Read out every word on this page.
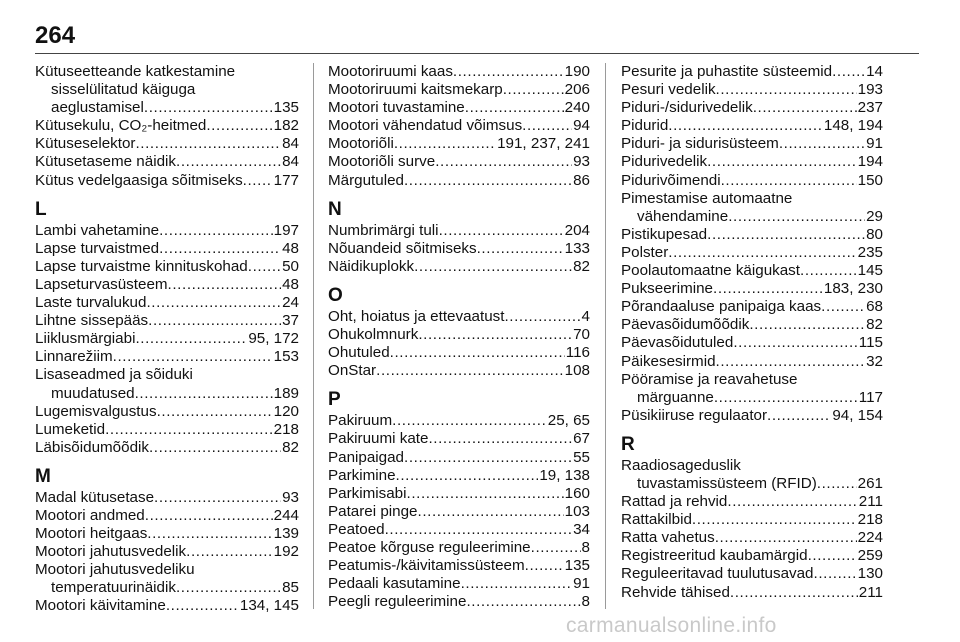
264
Kütuseetteande katkestamine
sisselülitatud käiguga
aeglustamisel .....	135
Kütusekulu, CO₂-heitmed .....	182
Kütuseselektor .....	84
Kütusetaseme näidik .....	84
Kütus vedelgaasiga sõitmiseks ..... 177
L
Lambi vahetamine .....	197
Lapse turvaistmed .....	48
Lapse turvaistme kinnituskohad ..... 50
Lapseturvasüsteem .....	48
Laste turvalukud .....	24
Lihtne sissepääs .....	37
Liiklusmärgiabi .....	95, 172
Linnarežiim .....	153
Lisaseadmed ja sõiduki
muudatused .....	189
Lugemisvalgustus .....	120
Lumeketid .....	218
Läbisõidumõõdik .....	82
M
Madal kütusetase .....	93
Mootori andmed .....	244
Mootori heitgaas .....	139
Mootori jahutusvedelik .....	192
Mootori jahutusvedeliku
temperatuurinäidik .....	85
Mootori käivitamine .....	134, 145
Mootoriruumi kaas .....	190
Mootoriruumi kaitsmekarp .....	206
Mootori tuvastamine .....	240
Mootori vähendatud võimsus .....	94
Mootoriõli .....	191, 237, 241
Mootoriõli surve .....	93
Märgutuled .....	86
N
Numbrimärgi tuli .....	204
Nõuandeid sõitmiseks .....	133
Näidikuplokk .....	82
O
Oht, hoiatus ja ettevaatust .....	4
Ohukolmnurk .....	70
Ohutuled .....	116
OnStar .....	108
P
Pakiruum .....	25, 65
Pakiruumi kate .....	67
Panipaigad .....	55
Parkimine .....	19, 138
Parkimisabi .....	160
Patarei pinge .....	103
Peatoed .....	34
Peatoe kõrguse reguleerimine .....	8
Peatumis-/käivitamissüsteem .....	135
Pedaali kasutamine .....	91
Peegli reguleerimine .....	8
Pesurite ja puhastite süsteemid ..... 14
Pesuri vedelik .....	193
Piduri-/sidurivedelik .....	237
Pidurid .....	148, 194
Piduri- ja sidurisüsteem .....	91
Pidurivedelik .....	194
Pidurivõimendi .....	150
Pimestamise automaatne
vähendamine .....	29
Pistikupesad .....	80
Polster .....	235
Poolautomaatne käigukast .....	145
Pukseerimine .....	183, 230
Põrandaaluse panipaiga kaas .....	68
Päevasõidumõõdik .....	82
Päevasõidutuled .....	115
Päikesesirmid .....	32
Pööramise ja reavahetuse
märguanne .....	117
Püsikiiruse regulaator .....	94, 154
R
Raadiosageduslik
tuvastamissüsteem (RFID) .....	261
Rattad ja rehvid .....	211
Rattakilbid .....	218
Ratta vahetus .....	224
Registreeritud kaubamärgid .....	259
Reguleeritavad tuulutusavad .....	130
Rehvide tähised .....	211
carmanualsonline.info
